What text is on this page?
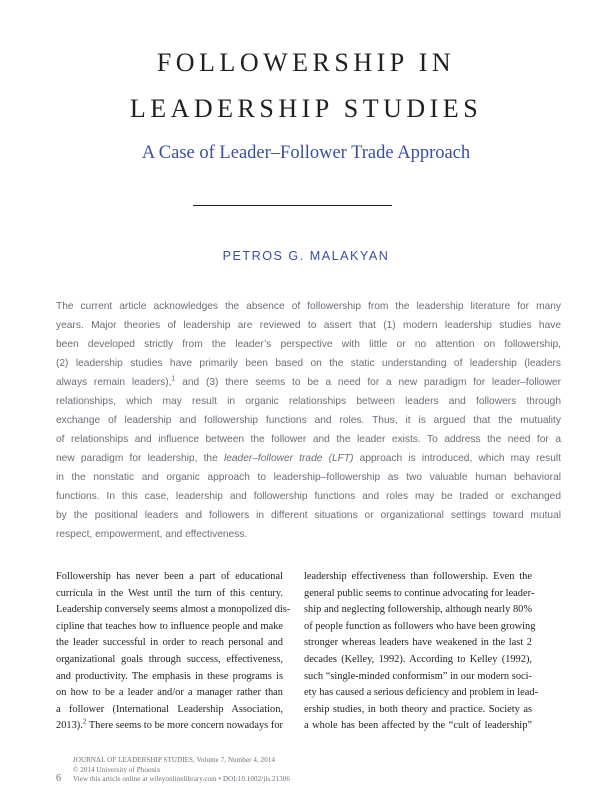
FOLLOWERSHIP IN
LEADERSHIP STUDIES
A Case of Leader–Follower Trade Approach
PETROS G. MALAKYAN
The current article acknowledges the absence of followership from the leadership literature for many
years. Major theories of leadership are reviewed to assert that (1) modern leadership studies have
been developed strictly from the leader’s perspective with little or no attention on followership,
(2) leadership studies have primarily been based on the static understanding of leadership (leaders
always remain leaders),$^1$ and (3) there seems to be a need for a new paradigm for leader–follower
relationships, which may result in organic relationships between leaders and followers through
exchange of leadership and followership functions and roles. Thus, it is argued that the mutuality
of relationships and influence between the follower and the leader exists. To address the need for a
new paradigm for leadership, the leader–follower trade (LFT) approach is introduced, which may result
in the nonstatic and organic approach to leadership–followership as two valuable human behavioral
functions. In this case, leadership and followership functions and roles may be traded or exchanged
by the positional leaders and followers in different situations or organizational settings toward mutual
respect, empowerment, and effectiveness.
Followership has never been a part of educational
curricula in the West until the turn of this century.
Leadership conversely seems almost a monopolized dis-
cipline that teaches how to influence people and make
the leader successful in order to reach personal and
organizational goals through success, effectiveness,
and productivity. The emphasis in these programs is
on how to be a leader and/or a manager rather than
a follower (International Leadership Association,
2013).$^2$ There seems to be more concern nowadays for
leadership effectiveness than followership. Even the
general public seems to continue advocating for leader-
ship and neglecting followership, although nearly 80%
of people function as followers who have been growing
stronger whereas leaders have weakened in the last 2
decades (Kelley, 1992). According to Kelley (1992),
such “single-minded conformism” in our modern soci-
ety has caused a serious deficiency and problem in lead-
ership studies, in both theory and practice. Society as
a whole has been affected by the “cult of leadership”
JOURNAL OF LEADERSHIP STUDIES, Volume 7, Number 4, 2014
© 2014 University of Phoenix
View this article online at wileyonlinelibrary.com • DOI:10.1002/jls.21306
6
